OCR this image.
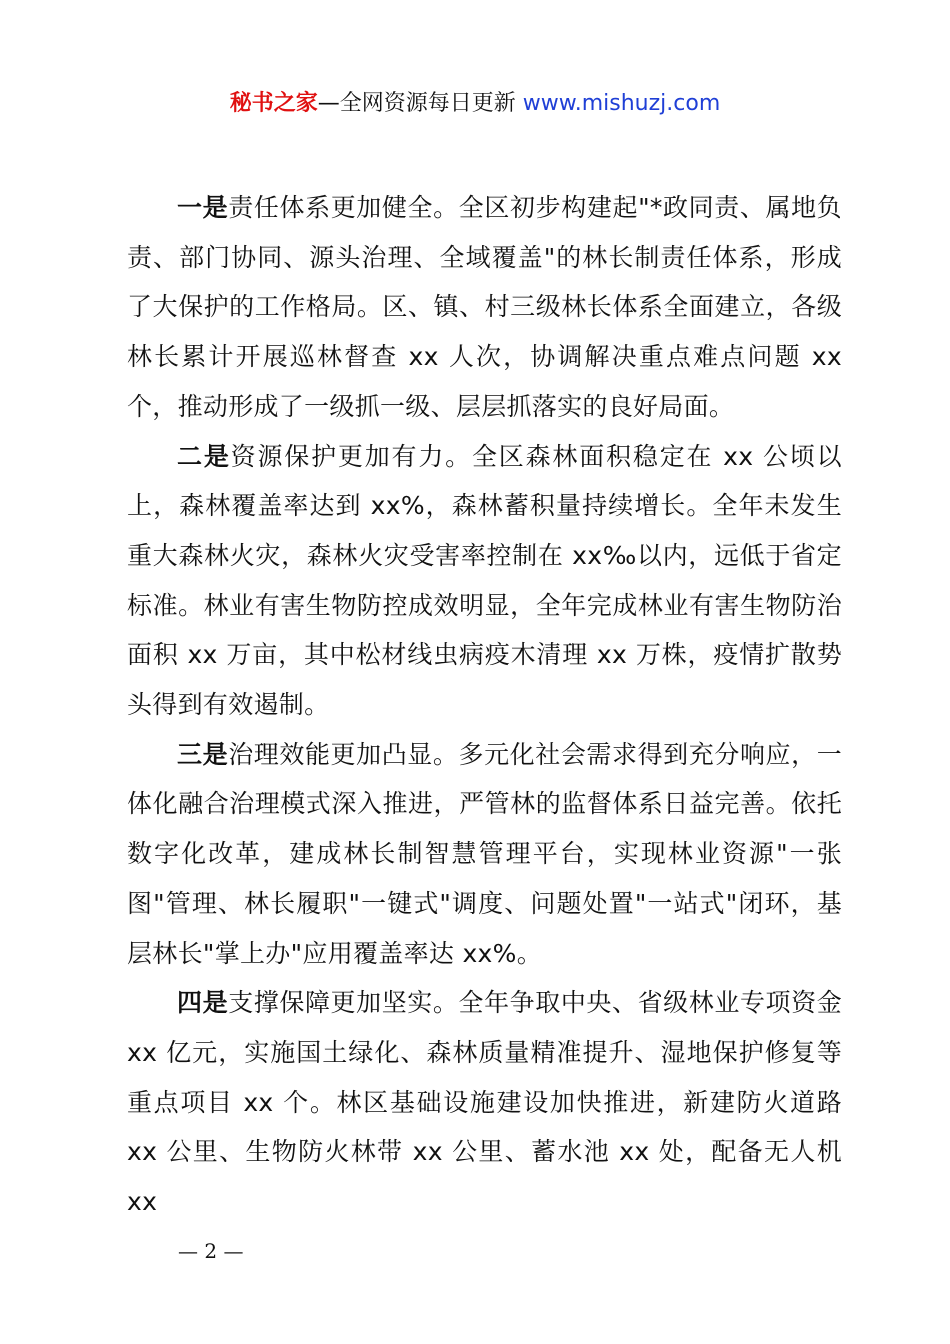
秘书之家—全网资源每日更新 www.mishuzj.com

一是责任体系更加健全。全区初步构建起"*政同责、属地负责、部门协同、源头治理、全域覆盖"的林长制责任体系，形成了大保护的工作格局。区、镇、村三级林长体系全面建立，各级林长累计开展巡林督查 xx 人次，协调解决重点难点问题 xx 个，推动形成了一级抓一级、层层抓落实的良好局面。

二是资源保护更加有力。全区森林面积稳定在 xx 公顷以上，森林覆盖率达到 xx%，森林蓄积量持续增长。全年未发生重大森林火灾，森林火灾受害率控制在 xx‰以内，远低于省定标准。林业有害生物防控成效明显，全年完成林业有害生物防治面积 xx 万亩，其中松材线虫病疫木清理 xx 万株，疫情扩散势头得到有效遏制。

三是治理效能更加凸显。多元化社会需求得到充分响应，一体化融合治理模式深入推进，严管林的监督体系日益完善。依托数字化改革，建成林长制智慧管理平台，实现林业资源"一张图"管理、林长履职"一键式"调度、问题处置"一站式"闭环，基层林长"掌上办"应用覆盖率达 xx%。

四是支撑保障更加坚实。全年争取中央、省级林业专项资金 xx 亿元，实施国土绿化、森林质量精准提升、湿地保护修复等重点项目 xx 个。林区基础设施建设加快推进，新建防火道路 xx 公里、生物防火林带 xx 公里、蓄水池 xx 处，配备无人机 xx

— 2 —
